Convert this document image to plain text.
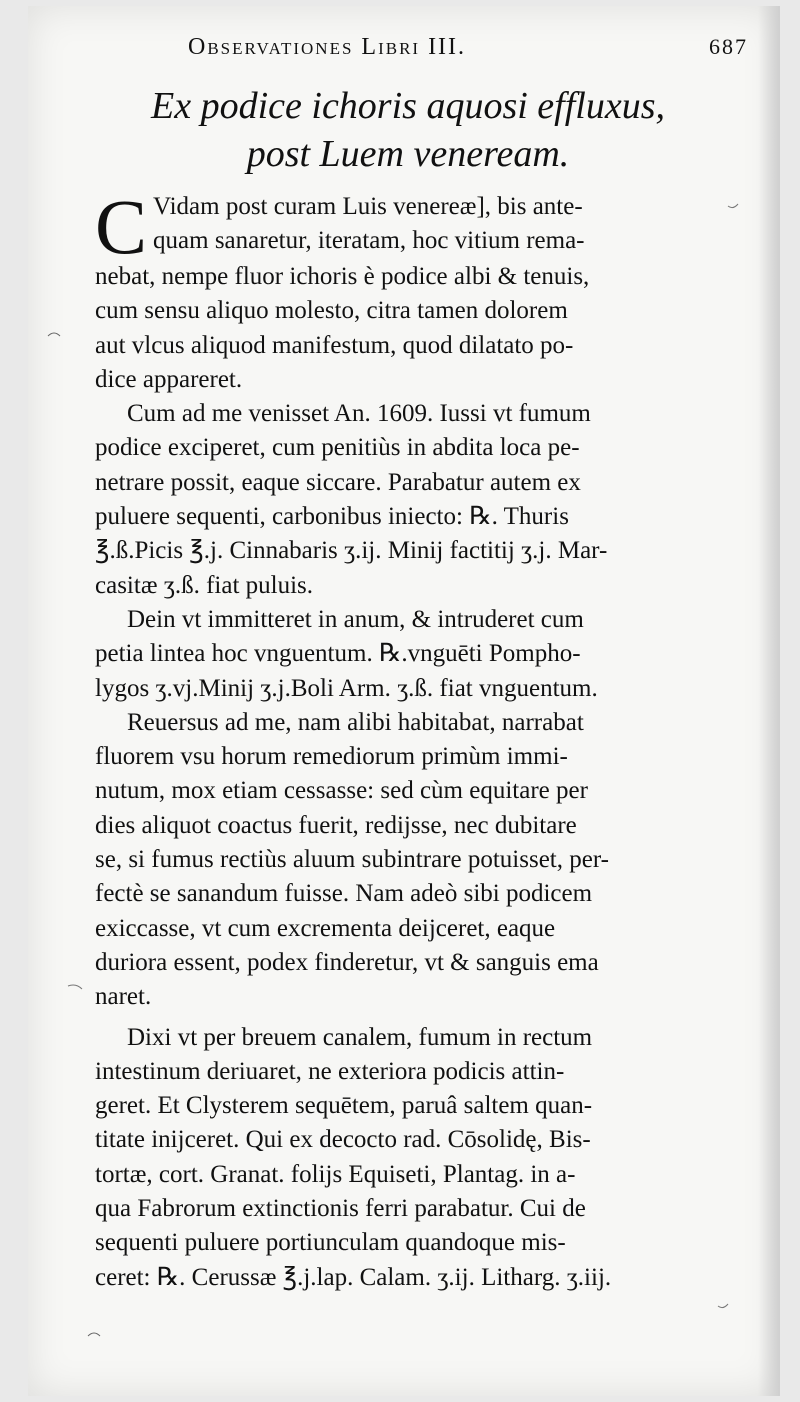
Observationes Libri III.	687
Ex podice ichoris aquosi effluxus,
post Luem veneream.
C Vidam post curam Luis venereæ], bis ante-
quam sanaretur, iteratam, hoc vitium rema-
nebat, nempe fluor ichoris è podice albi & tenuis,
cum sensu aliquo molesto, citra tamen dolorem
aut vlcus aliquod manifestum, quod dilatato po-
dice appareret.
Cum ad me venisset An. 1609. Iussi vt fumum
podice exciperet, cum penitiùs in abdita loca pe-
netrare possit, eaque siccare. Parabatur autem ex
puluere sequenti, carbonibus iniecto: ℞. Thuris
℥.ß.Picis ℥.j. Cinnabaris ʒ.ij. Minij factitij ʒ.j. Mar-
casitæ ʒ.ß. fiat puluis.
Dein vt immitteret in anum, & intruderet cum
petia lintea hoc vnguentum. ℞.vnguēti Pompho-
lygos ʒ.vj.Minij ʒ.j.Boli Arm. ʒ.ß. fiat vnguentum.
Reuersus ad me, nam alibi habitabat, narrabat
fluorem vsu horum remediorum primùm immi-
nutum, mox etiam cessasse: sed cùm equitare per
dies aliquot coactus fuerit, redijsse, nec dubitare
se, si fumus rectiùs aluum subintrare potuisset, per-
fectè se sanandum fuisse. Nam adeò sibi podicem
exiccasse, vt cum excrementa deijceret, eaque
duriora essent, podex finderetur, vt & sanguis ema
naret.
Dixi vt per breuem canalem, fumum in rectum
intestinum deriuaret, ne exteriora podicis attin-
geret. Et Clysterem sequētem, paruâ saltem quan-
titate inijceret. Qui ex decocto rad. Cōsolidę, Bis-
tortæ, cort. Granat. folijs Equiseti, Plantag. in a-
qua Fabrorum extinctionis ferri parabatur. Cui de
sequenti puluere portiunculam quandoque mis-
ceret: ℞. Cerussæ ℥.j.lap. Calam. ʒ.ij. Litharg. ʒ.iij.
